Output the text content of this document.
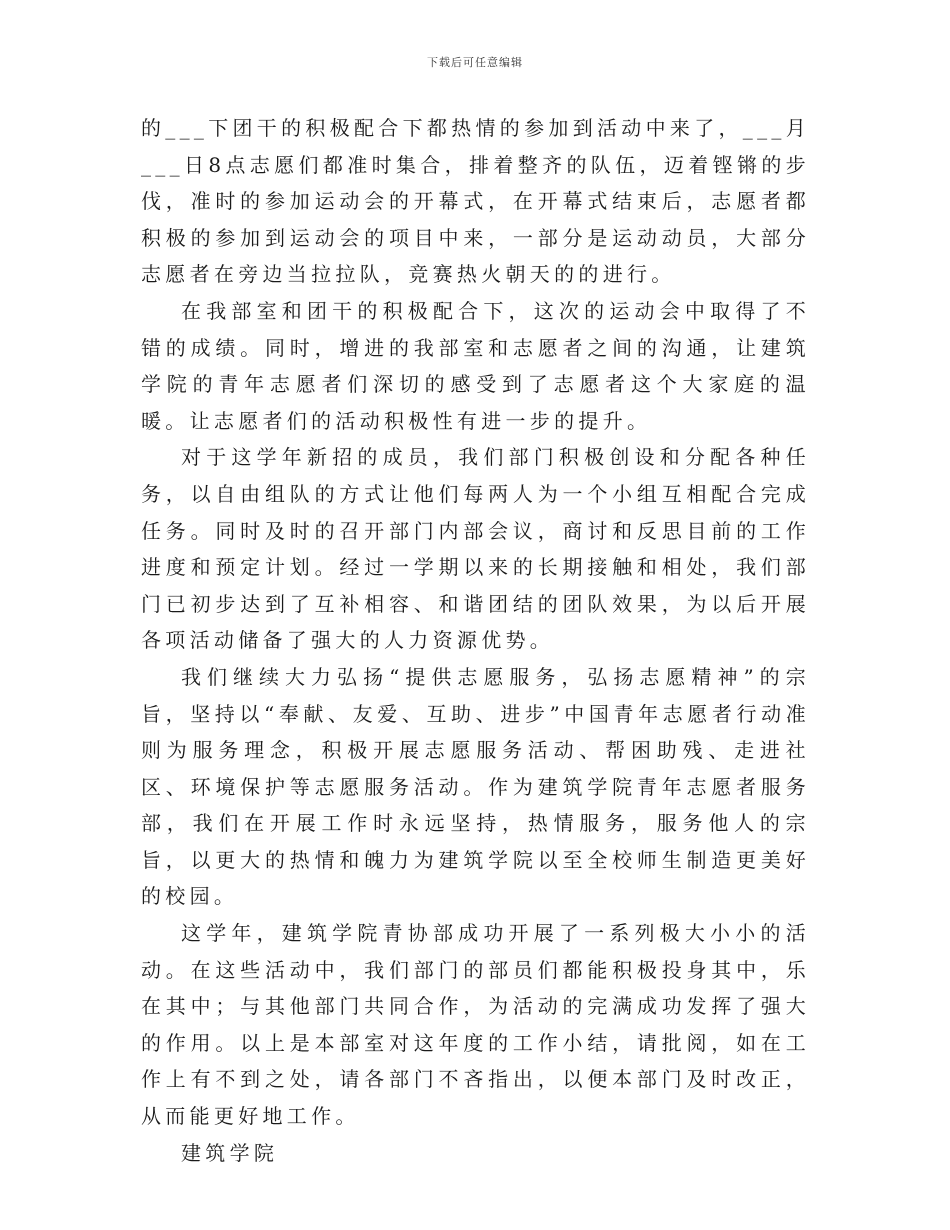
下载后可任意编辑

的___下团干的积极配合下都热情的参加到活动中来了，___月___日8点志愿们都准时集合，排着整齐的队伍，迈着铿锵的步伐，准时的参加运动会的开幕式，在开幕式结束后，志愿者都积极的参加到运动会的项目中来，一部分是运动动员，大部分志愿者在旁边当拉拉队，竞赛热火朝天的的进行。

在我部室和团干的积极配合下，这次的运动会中取得了不错的成绩。同时，增进的我部室和志愿者之间的沟通，让建筑学院的青年志愿者们深切的感受到了志愿者这个大家庭的温暖。让志愿者们的活动积极性有进一步的提升。

对于这学年新招的成员，我们部门积极创设和分配各种任务，以自由组队的方式让他们每两人为一个小组互相配合完成任务。同时及时的召开部门内部会议，商讨和反思目前的工作进度和预定计划。经过一学期以来的长期接触和相处，我们部门已初步达到了互补相容、和谐团结的团队效果，为以后开展各项活动储备了强大的人力资源优势。

我们继续大力弘扬“提供志愿服务，弘扬志愿精神”的宗旨，坚持以“奉献、友爱、互助、进步”中国青年志愿者行动准则为服务理念，积极开展志愿服务活动、帮困助残、走进社区、环境保护等志愿服务活动。作为建筑学院青年志愿者服务部，我们在开展工作时永远坚持，热情服务，服务他人的宗旨，以更大的热情和魄力为建筑学院以至全校师生制造更美好的校园。

这学年，建筑学院青协部成功开展了一系列极大小小的活动。在这些活动中，我们部门的部员们都能积极投身其中，乐在其中；与其他部门共同合作，为活动的完满成功发挥了强大的作用。以上是本部室对这年度的工作小结，请批阅，如在工作上有不到之处，请各部门不吝指出，以便本部门及时改正，从而能更好地工作。

建筑学院
